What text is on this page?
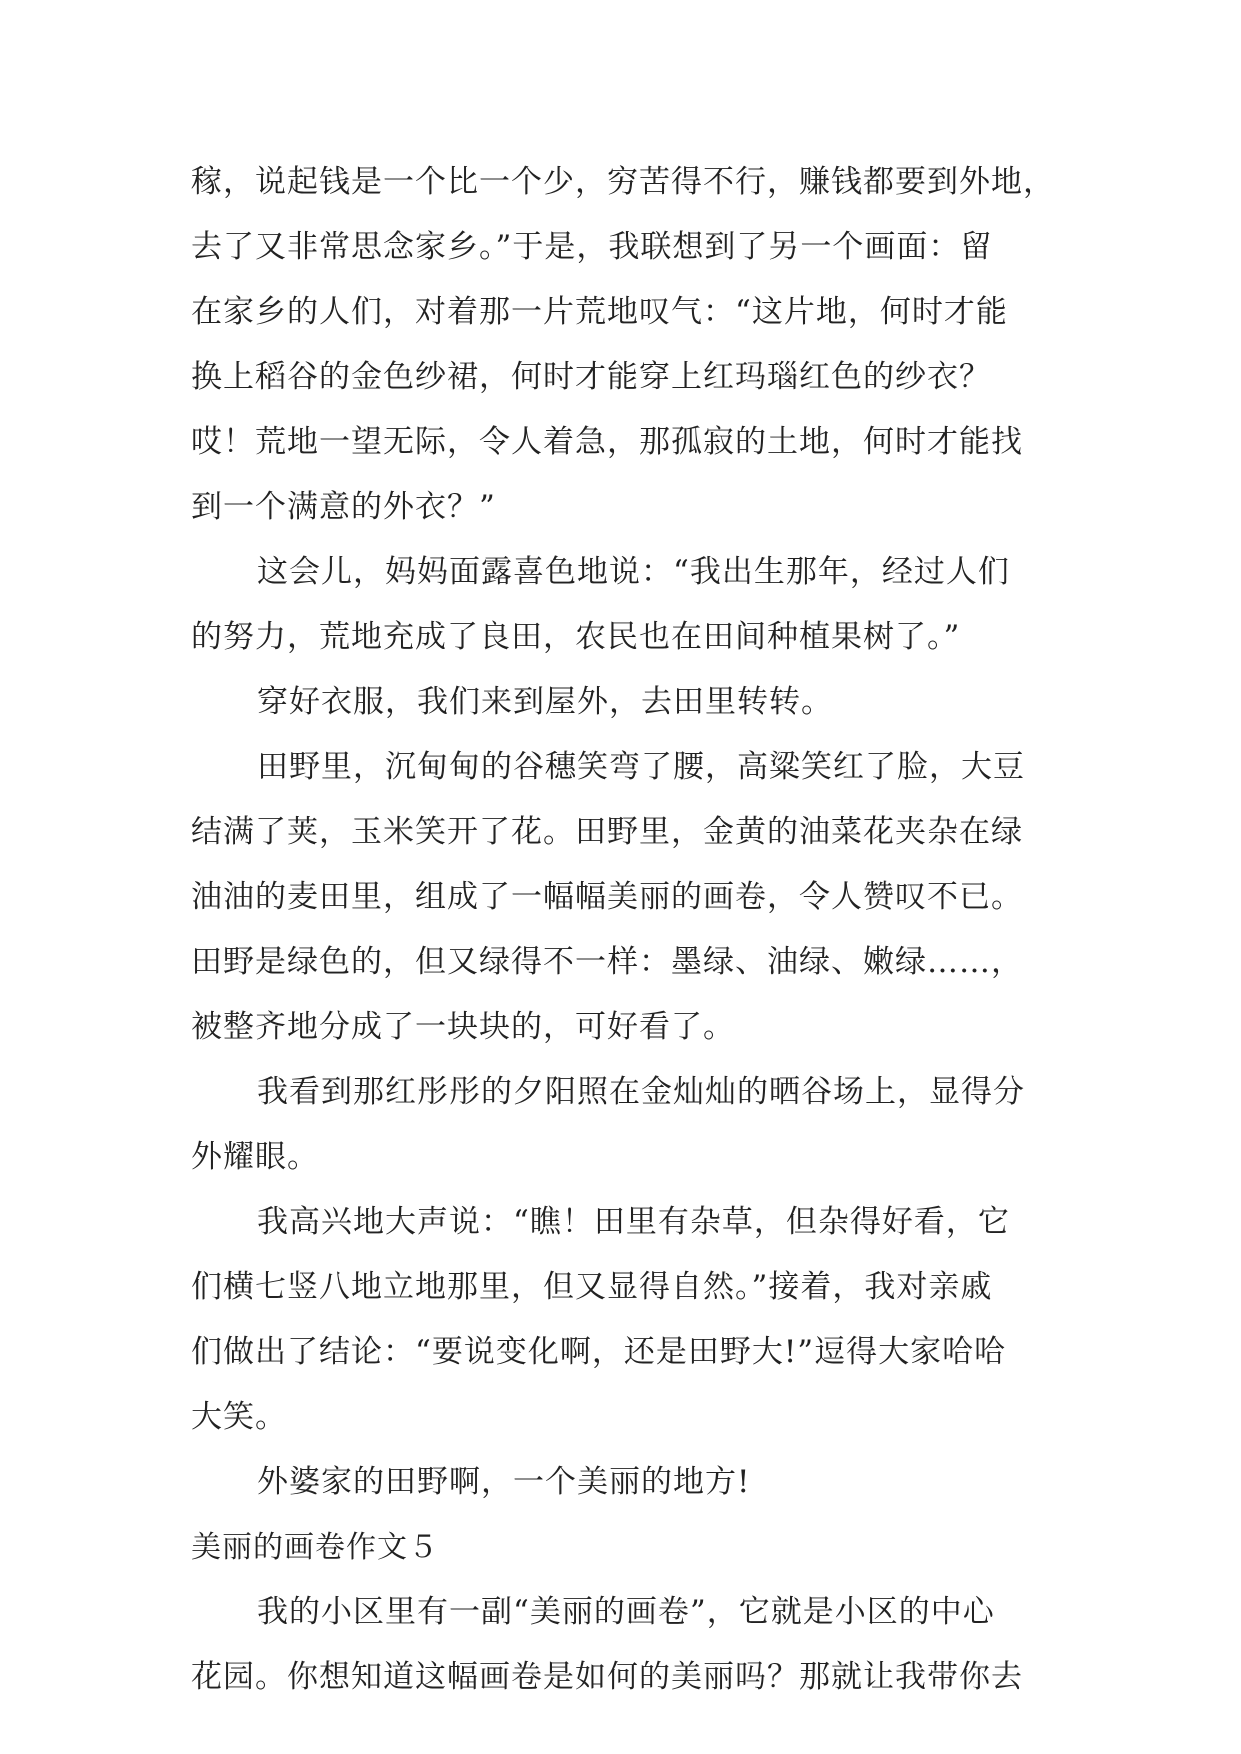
稼，说起钱是一个比一个少，穷苦得不行，赚钱都要到外地，
去了又非常思念家乡。”于是，我联想到了另一个画面：留
在家乡的人们，对着那一片荒地叹气：“这片地，何时才能
换上稻谷的金色纱裙，何时才能穿上红玛瑙红色的纱衣？
哎！荒地一望无际，令人着急，那孤寂的土地，何时才能找
到一个满意的外衣？”
这会儿，妈妈面露喜色地说：“我出生那年，经过人们
的努力，荒地充成了良田，农民也在田间种植果树了。”
穿好衣服，我们来到屋外，去田里转转。
田野里，沉甸甸的谷穗笑弯了腰，高粱笑红了脸，大豆
结满了荚，玉米笑开了花。田野里，金黄的油菜花夹杂在绿
油油的麦田里，组成了一幅幅美丽的画卷，令人赞叹不已。
田野是绿色的，但又绿得不一样：墨绿、油绿、嫩绿……，
被整齐地分成了一块块的，可好看了。
我看到那红彤彤的夕阳照在金灿灿的晒谷场上，显得分
外耀眼。
我高兴地大声说：“瞧！田里有杂草，但杂得好看，它
们横七竖八地立地那里，但又显得自然。”接着，我对亲戚
们做出了结论：“要说变化啊，还是田野大!”逗得大家哈哈
大笑。
外婆家的田野啊，一个美丽的地方!
美丽的画卷作文５
我的小区里有一副“美丽的画卷”，它就是小区的中心
花园。你想知道这幅画卷是如何的美丽吗？那就让我带你去
